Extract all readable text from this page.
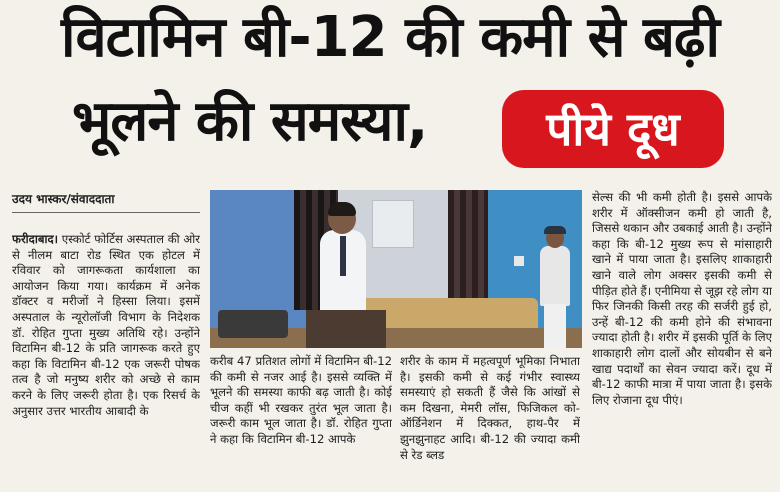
विटामिन बी-12 की कमी से बढ़ी
भूलने की समस्या,	पीये दूध
उदय भास्कर/संवाददाता
फरीदाबाद। एस्कोर्ट फोर्टिस अस्पताल की ओर से नीलम बाटा रोड स्थित एक होटल में रविवार को जागरूकता कार्यशाला का आयोजन किया गया। कार्यक्रम में अनेक डॉक्टर व मरीजों ने हिस्सा लिया। इसमें अस्पताल के न्यूरोलॉजी विभाग के निदेशक डॉ. रोहित गुप्ता मुख्य अतिथि रहे। उन्होंने विटामिन बी-12 के प्रति जागरूक करते हुए कहा कि विटामिन बी-12 एक जरूरी पोषक तत्व है जो मनुष्य शरीर को अच्छे से काम करने के लिए जरूरी होता है। एक रिसर्च के अनुसार उत्तर भारतीय आबादी के
करीब 47 प्रतिशत लोगों में विटामिन बी-12 की कमी से नजर आई है। इससे व्यक्ति में भूलने की समस्या काफी बढ़ जाती है। कोई चीज कहीं भी रखकर तुरंत भूल जाता है। जरूरी काम भूल जाता है। डॉ. रोहित गुप्ता ने कहा कि विटामिन बी-12 आपके
शरीर के काम में महत्वपूर्ण भूमिका निभाता है। इसकी कमी से कई गंभीर स्वास्थ्य समस्याएं हो सकती हैं जैसे कि आंखों से कम दिखना, मेमरी लॉस, फिजिकल को-ऑर्डिनेशन में दिक्कत, हाथ-पैर में झुनझुनाहट आदि। बी-12 की ज्यादा कमी से रेड ब्लड
सेल्स की भी कमी होती है। इससे आपके शरीर में ऑक्सीजन कमी हो जाती है, जिससे थकान और उबकाई आती है। उन्होंने कहा कि बी-12 मुख्य रूप से मांसाहारी खाने में पाया जाता है। इसलिए शाकाहारी खाने वाले लोग अक्सर इसकी कमी से पीड़ित होते हैं। एनीमिया से जूझ रहे लोग या फिर जिनकी किसी तरह की सर्जरी हुई हो, उन्हें बी-12 की कमी होने की संभावना ज्यादा होती है। शरीर में इसकी पूर्ति के लिए शाकाहारी लोग दालों और सोयबीन से बने खाद्य पदार्थों का सेवन ज्यादा करें। दूध में बी-12 काफी मात्रा में पाया जाता है। इसके लिए रोजाना दूध पीएं।
